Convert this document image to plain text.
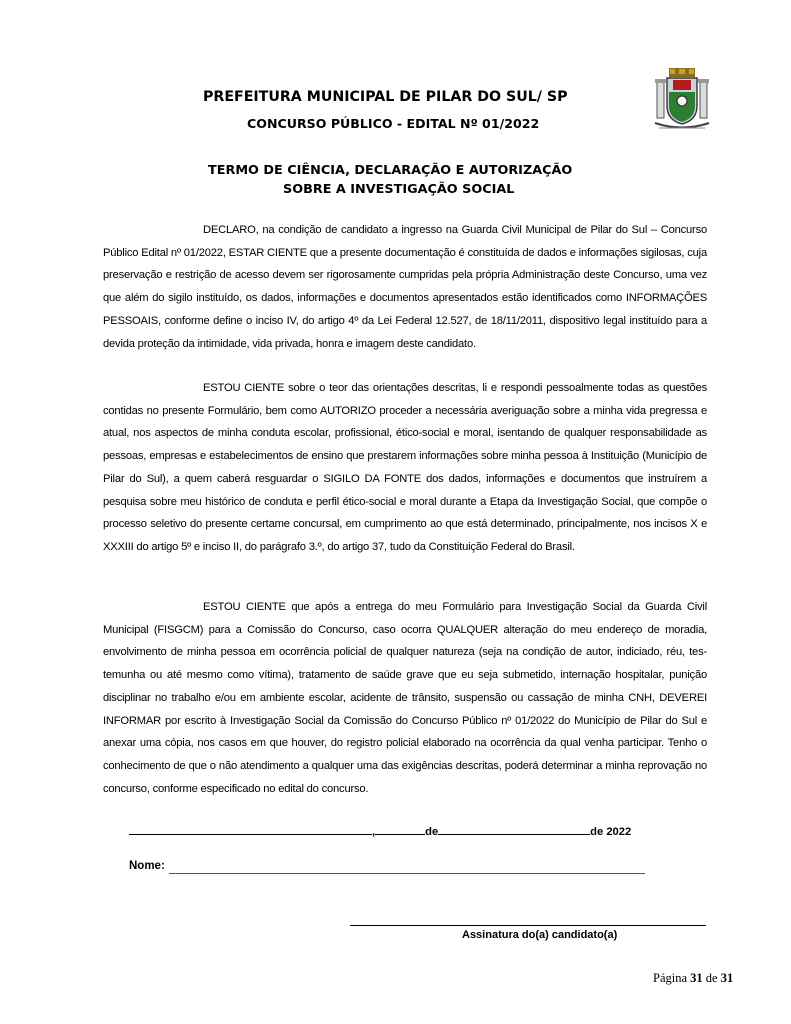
PREFEITURA MUNICIPAL DE PILAR DO SUL/ SP
CONCURSO PÚBLICO - EDITAL Nº 01/2022
TERMO DE CIÊNCIA, DECLARAÇÃO E AUTORIZAÇÃO
SOBRE A INVESTIGAÇÃO SOCIAL
DECLARO, na condição de candidato a ingresso na Guarda Civil Municipal de Pilar do Sul – Concurso Público Edital nº 01/2022, ESTAR CIENTE que a presente documentação é constituída de dados e informações sigilosas, cuja preservação e restrição de acesso devem ser rigorosamente cumpridas pela própria Administração deste Concurso, uma vez que além do sigilo instituído, os dados, informações e documentos apresentados estão identificados como INFORMAÇÕES PESSOAIS, conforme define o inciso IV, do artigo 4º da Lei Federal 12.527, de 18/11/2011, dispositivo legal instituído para a devida proteção da intimidade, vida privada, honra e imagem deste candidato.
ESTOU CIENTE sobre o teor das orientações descritas, li e respondi pessoalmente todas as questões contidas no presente Formulário, bem como AUTORIZO proceder a necessária averiguação sobre a minha vida pregressa e atual, nos aspectos de minha conduta escolar, profissional, ético-social e moral, isentando de qualquer responsabilidade as pessoas, empresas e estabelecimentos de ensino que prestarem informações sobre minha pessoa à Instituição (Município de Pilar do Sul), a quem caberá resguardar o SIGILO DA FONTE dos dados, informações e documentos que instruírem a pesquisa sobre meu histórico de conduta e perfil ético-social e moral durante a Etapa da Investigação Social, que compõe o processo seletivo do presente certame concursal, em cumprimento ao que está determinado, principalmente, nos incisos X e XXXIII do artigo 5º e inciso II, do parágrafo 3.º, do artigo 37, tudo da Constituição Federal do Brasil.
ESTOU CIENTE que após a entrega do meu Formulário para Investigação Social da Guarda Civil Municipal (FISGCM) para a Comissão do Concurso, caso ocorra QUALQUER alteração do meu endereço de moradia, envolvimento de minha pessoa em ocorrência policial de qualquer natureza (seja na condição de autor, indiciado, réu, tes-temunha ou até mesmo como vítima), tratamento de saúde grave que eu seja submetido, internação hospitalar, punição disciplinar no trabalho e/ou em ambiente escolar, acidente de trânsito, suspensão ou cassação de minha CNH, DEVEREI INFORMAR por escrito à Investigação Social da Comissão do Concurso Público nº 01/2022 do Município de Pilar do Sul e anexar uma cópia, nos casos em que houver, do registro policial elaborado na ocorrência da qual venha participar. Tenho o conhecimento de que o não atendimento a qualquer uma das exigências descritas, poderá determinar a minha reprovação no concurso, conforme especificado no edital do concurso.
,	de	de 2022
Nome:
Assinatura do(a) candidato(a)
Página 31 de 31
